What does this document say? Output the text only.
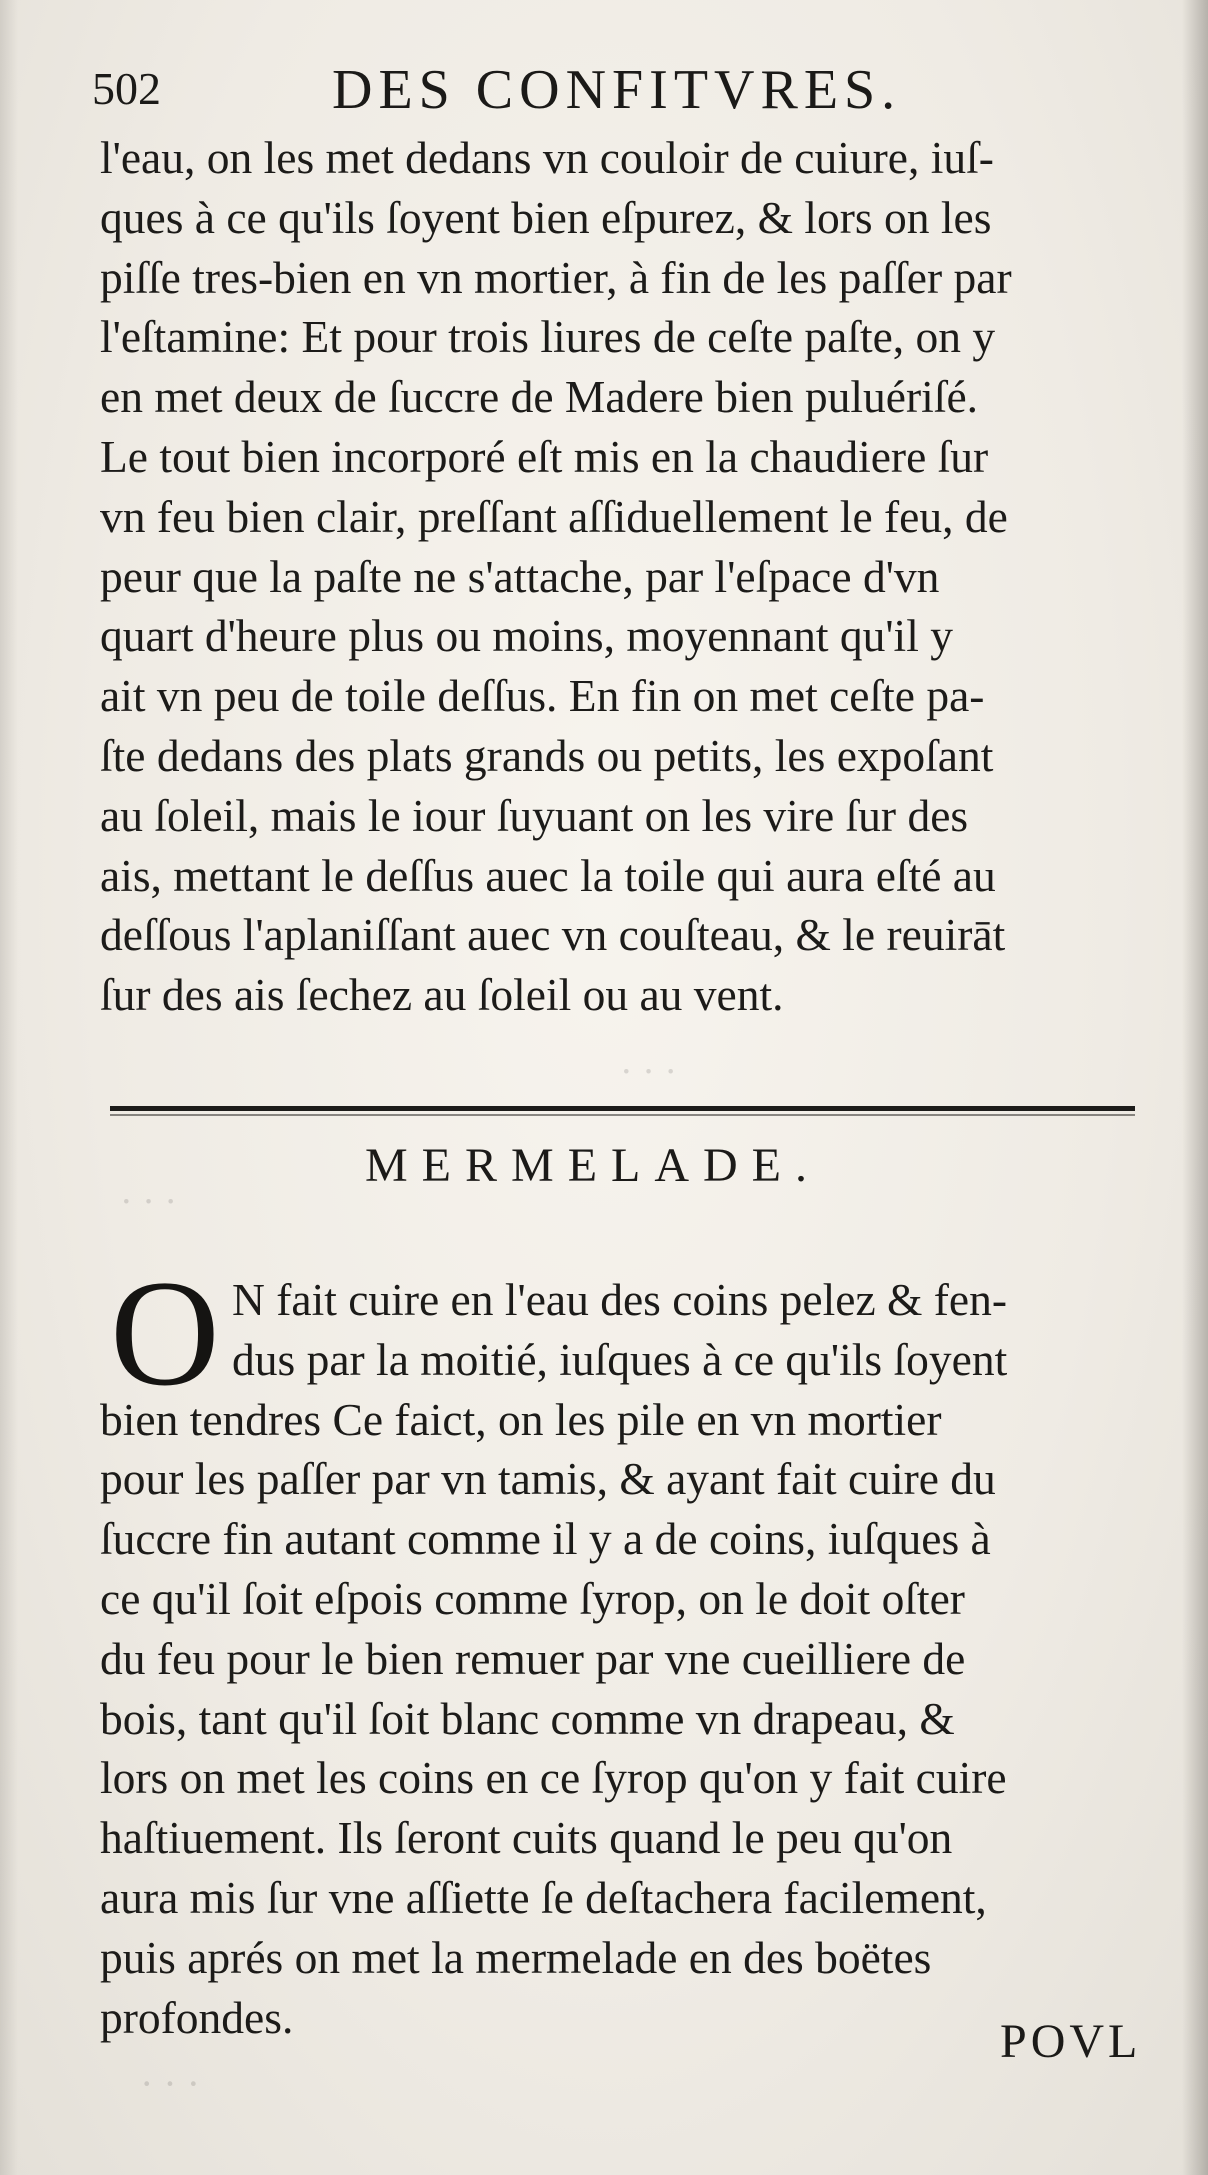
· · ·
· · ·
· · ·
502	DES CONFITVRES.
l'eau, on les met dedans vn couloir de cuiure, iuſ-
ques à ce qu'ils ſoyent bien eſpurez, & lors on les
piſſe tres-bien en vn mortier, à fin de les paſſer par
l'eſtamine: Et pour trois liures de ceſte paſte, on y
en met deux de ſuccre de Madere bien puluériſé.
Le tout bien incorporé eſt mis en la chaudiere ſur
vn feu bien clair, preſſant aſſiduellement le feu, de
peur que la paſte ne s'attache, par l'eſpace d'vn
quart d'heure plus ou moins, moyennant qu'il y
ait vn peu de toile deſſus. En fin on met ceſte pa-
ſte dedans des plats grands ou petits, les expoſant
au ſoleil, mais le iour ſuyuant on les vire ſur des
ais, mettant le deſſus auec la toile qui aura eſté au
deſſous l'aplaniſſant auec vn couſteau, & le reuirāt
ſur des ais ſechez au ſoleil ou au vent.
MERMELADE.
O N fait cuire en l'eau des coins pelez & fen-
dus par la moitié, iuſques à ce qu'ils ſoyent
bien tendres Ce faict, on les pile en vn mortier
pour les paſſer par vn tamis, & ayant fait cuire du
ſuccre fin autant comme il y a de coins, iuſques à
ce qu'il ſoit eſpois comme ſyrop, on le doit oſter
du feu pour le bien remuer par vne cueilliere de
bois, tant qu'il ſoit blanc comme vn drapeau, &
lors on met les coins en ce ſyrop qu'on y fait cuire
haſtiuement. Ils ſeront cuits quand le peu qu'on
aura mis ſur vne aſſiette ſe deſtachera facilement,
puis aprés on met la mermelade en des boëtes
profondes.	POVL
